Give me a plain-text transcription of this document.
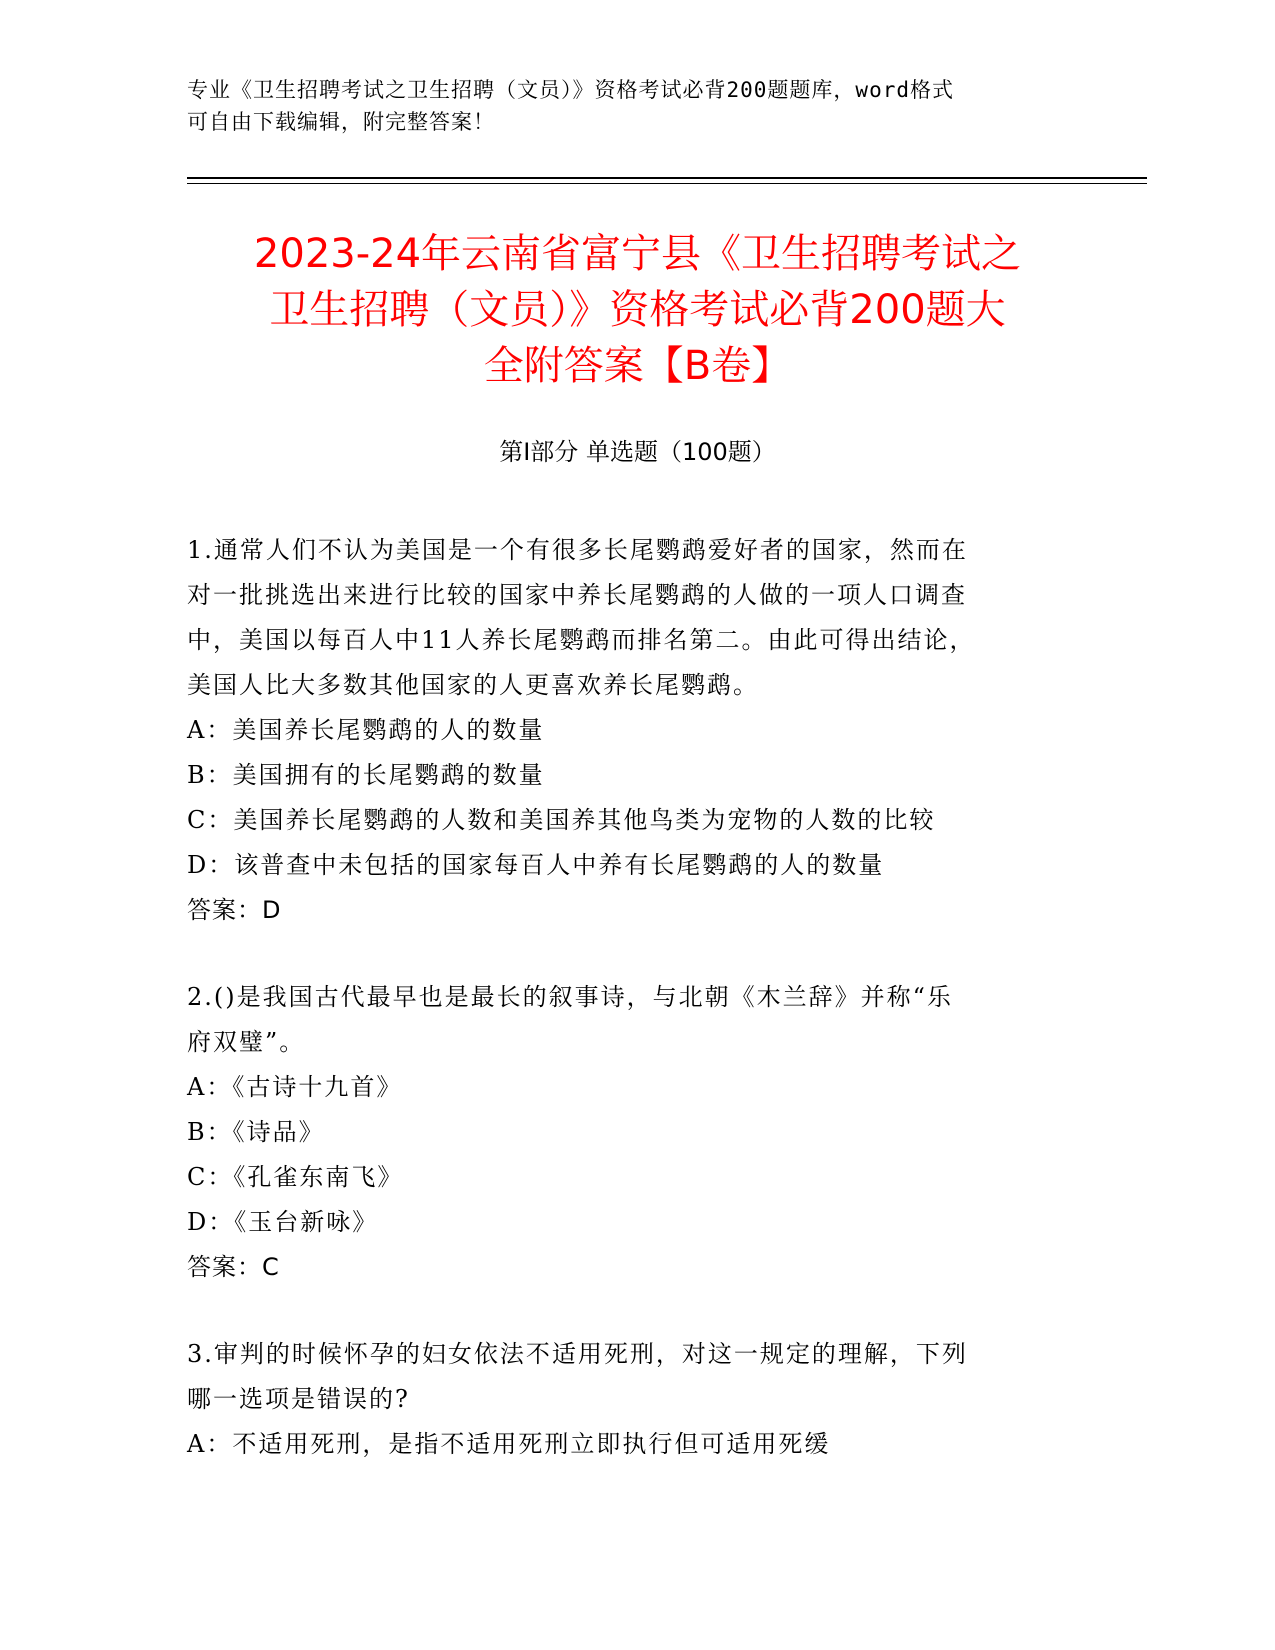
专业《卫生招聘考试之卫生招聘（文员）》资格考试必背200题题库，word格式
可自由下载编辑，附完整答案！
2023-24年云南省富宁县《卫生招聘考试之
卫生招聘（文员）》资格考试必背200题大
全附答案【B卷】
第Ⅰ部分 单选题（100题）

1.通常人们不认为美国是一个有很多长尾鹦鹉爱好者的国家，然而在

对一批挑选出来进行比较的国家中养长尾鹦鹉的人做的一项人口调查

中，美国以每百人中11人养长尾鹦鹉而排名第二。由此可得出结论，

美国人比大多数其他国家的人更喜欢养长尾鹦鹉。

A：美国养长尾鹦鹉的人的数量

B：美国拥有的长尾鹦鹉的数量

C：美国养长尾鹦鹉的人数和美国养其他鸟类为宠物的人数的比较

D：该普查中未包括的国家每百人中养有长尾鹦鹉的人的数量

答案：D

2.()是我国古代最早也是最长的叙事诗，与北朝《木兰辞》并称“乐

府双璧”。

A：《古诗十九首》

B：《诗品》

C：《孔雀东南飞》

D：《玉台新咏》

答案：C

3.审判的时候怀孕的妇女依法不适用死刑，对这一规定的理解，下列

哪一选项是错误的?

A：不适用死刑，是指不适用死刑立即执行但可适用死缓
